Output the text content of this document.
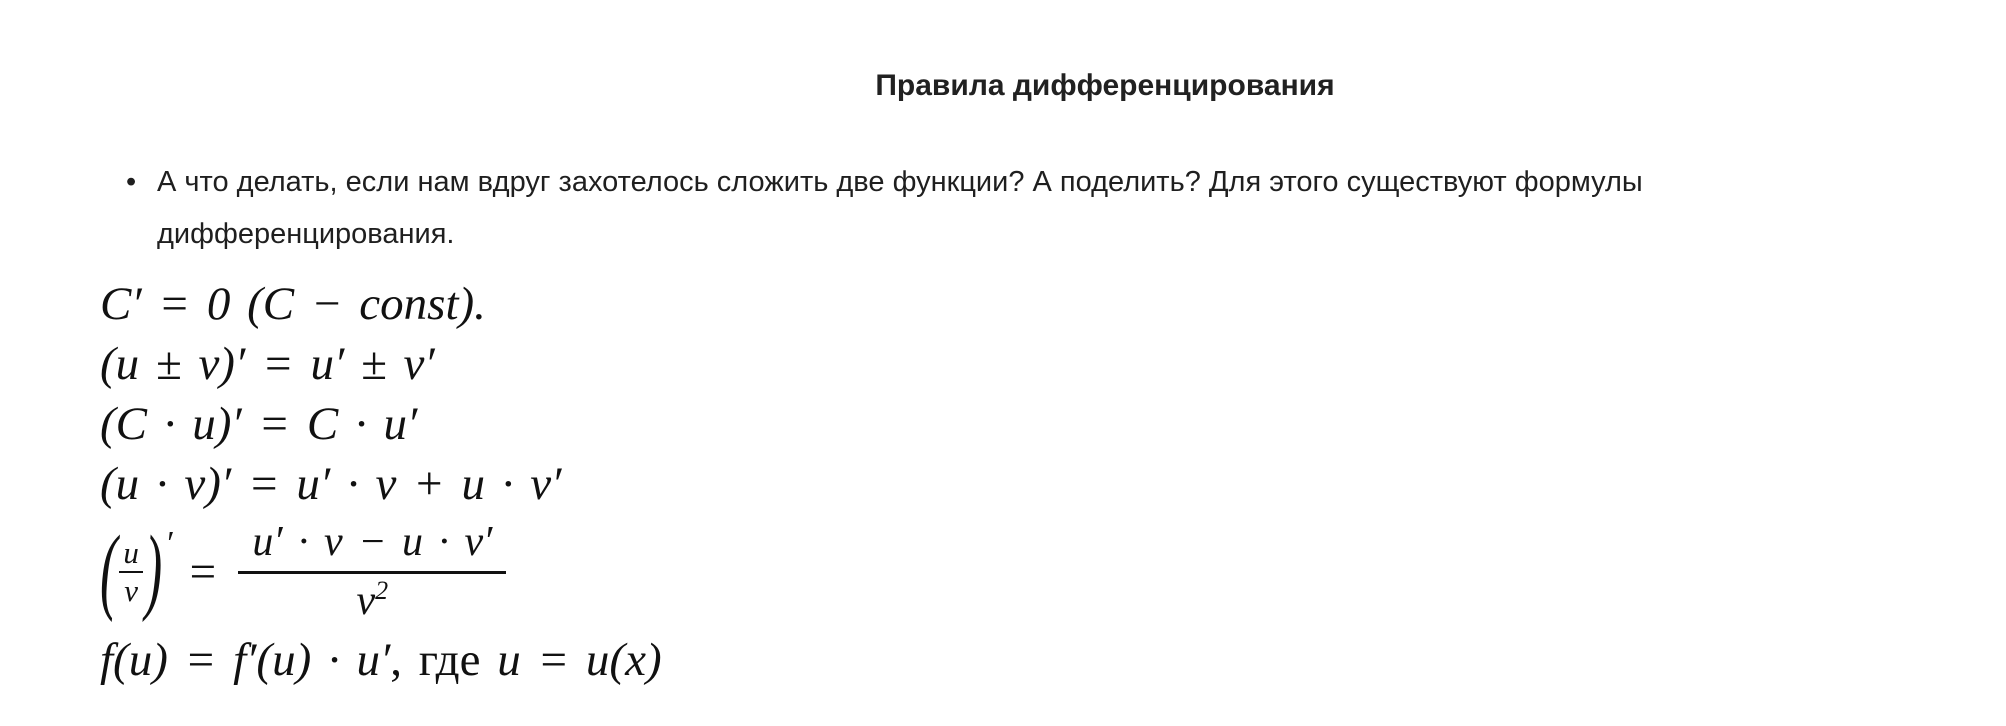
Правила дифференцирования
• А что делать, если нам вдруг захотелось сложить две функции? А поделить? Для этого существуют формулы дифференцирования.
C′ = 0 (C − const).
(u ± v)′ = u′ ± v′
(C · u)′ = C · u′
(u · v)′ = u′ · v + u · v′
( $\frac{u}{v}$ ) ′
= $\frac{u' \cdot v - u \cdot v'}{v^2}$
f(u) = f′(u) · u′, где u = u(x)
